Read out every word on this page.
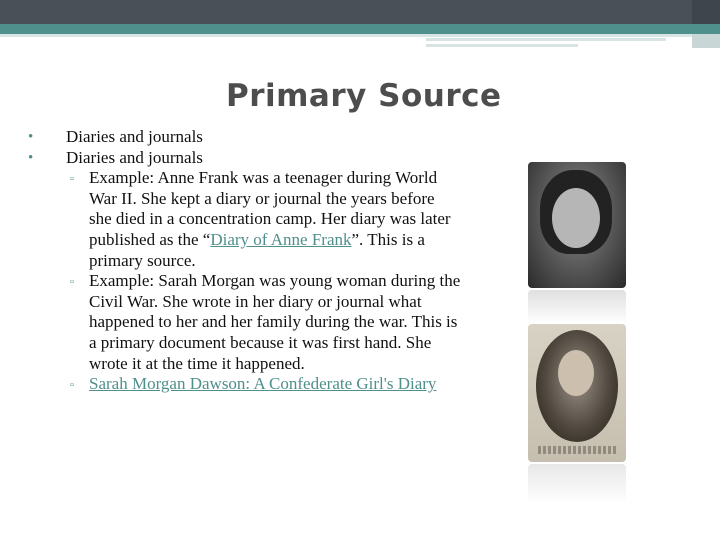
Primary Source
• Diaries and journals
• Diaries and journals
▫ Example: Anne Frank was a teenager during World War II. She kept a diary or journal the years before she died in a concentration camp. Her diary was later published as the “Diary of Anne Frank”. This is a primary source.
▫ Example: Sarah Morgan was young woman during the Civil War. She wrote in her diary or journal what happened to her and her family during the war. This is a primary document because it was first hand. She wrote it at the time it happened.
▫ Sarah Morgan Dawson: A Confederate Girl's Diary
